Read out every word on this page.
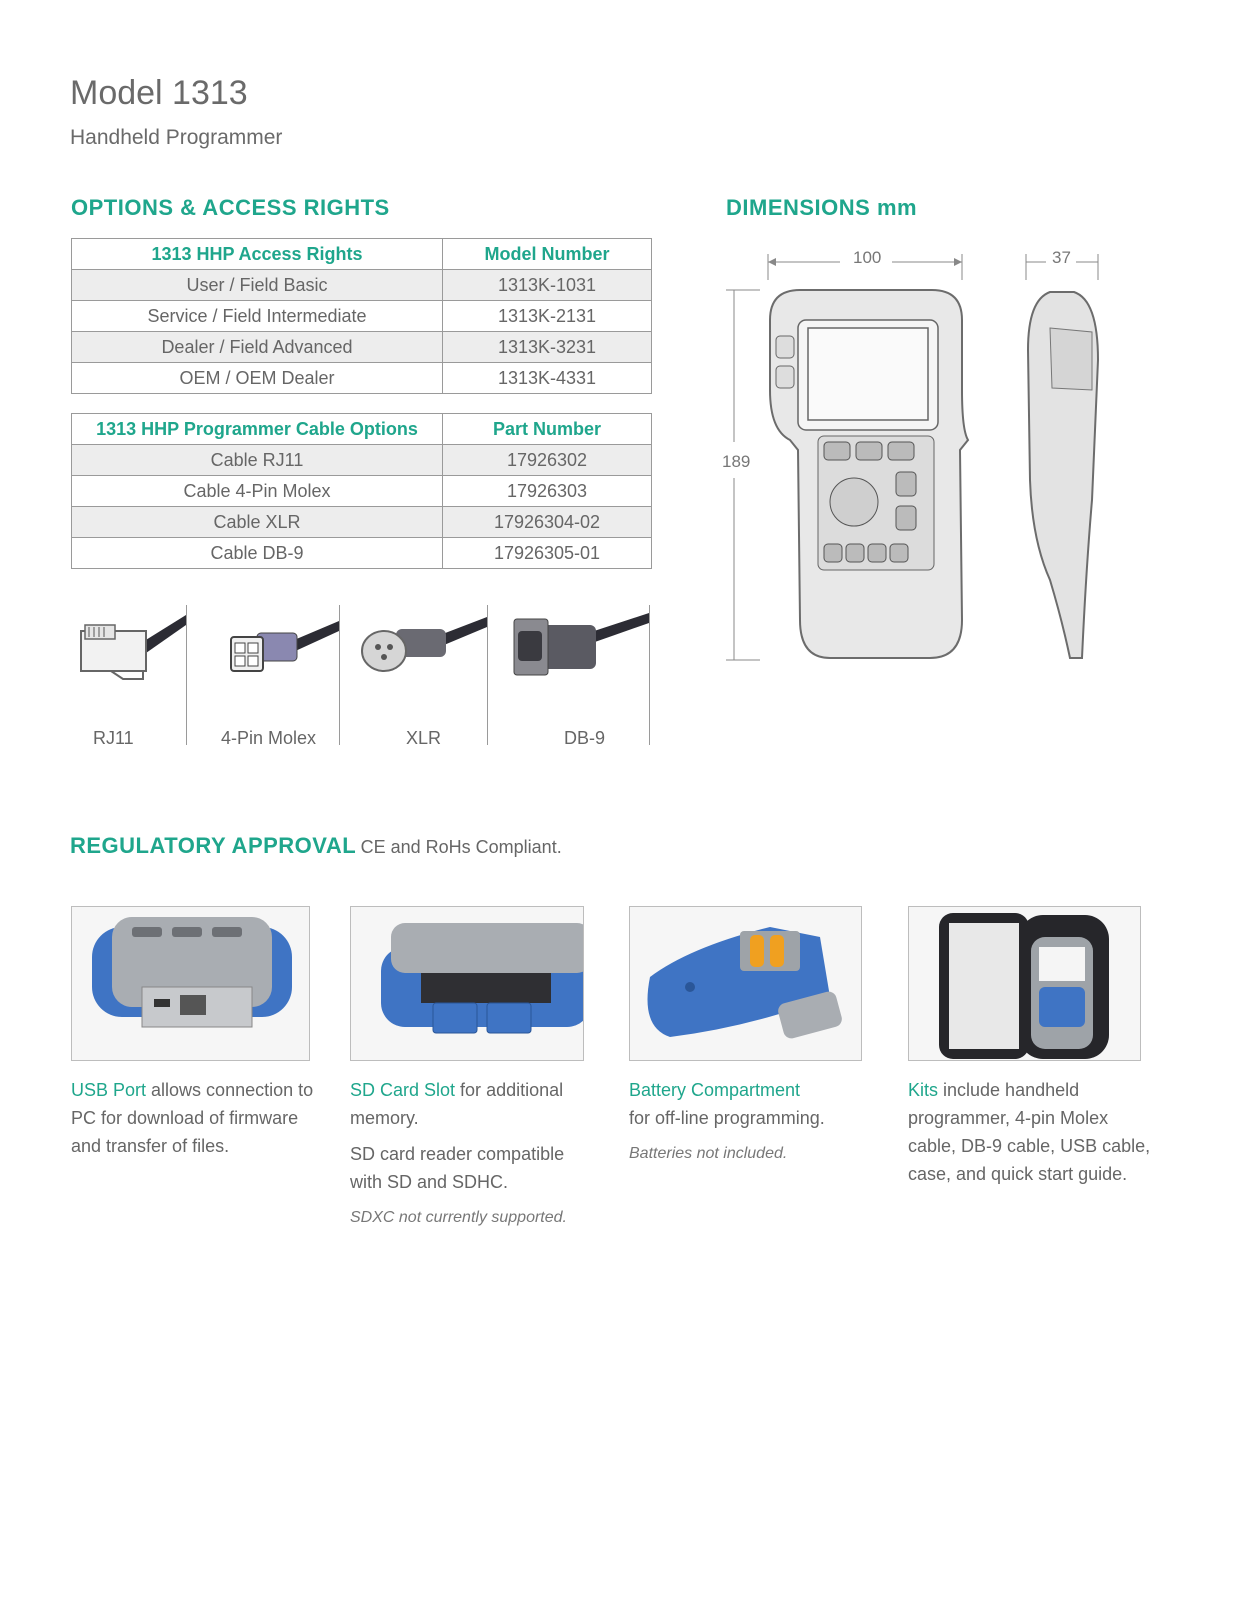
Model 1313
Handheld Programmer
OPTIONS & ACCESS RIGHTS
1313 HHP Access Rights	Model Number
User / Field Basic	1313K-1031
Service / Field Intermediate	1313K-2131
Dealer / Field Advanced	1313K-3231
OEM / OEM Dealer	1313K-4331
1313 HHP Programmer Cable Options	Part Number
Cable RJ11	17926302
Cable 4-Pin Molex	17926303
Cable XLR	17926304-02
Cable DB-9	17926305-01
RJ11	4-Pin Molex	XLR	DB-9
DIMENSIONS mm
100	37
189
REGULATORY APPROVAL CE and RoHs Compliant.
USB Port allows connection to PC for download of firmware and transfer of files.
SD Card Slot for additional memory.
SD card reader compatible with SD and SDHC.
SDXC not currently supported.
Battery Compartment
for off-line programming.
Batteries not included.
Kits include handheld programmer, 4-pin Molex cable, DB-9 cable, USB cable, case, and quick start guide.
